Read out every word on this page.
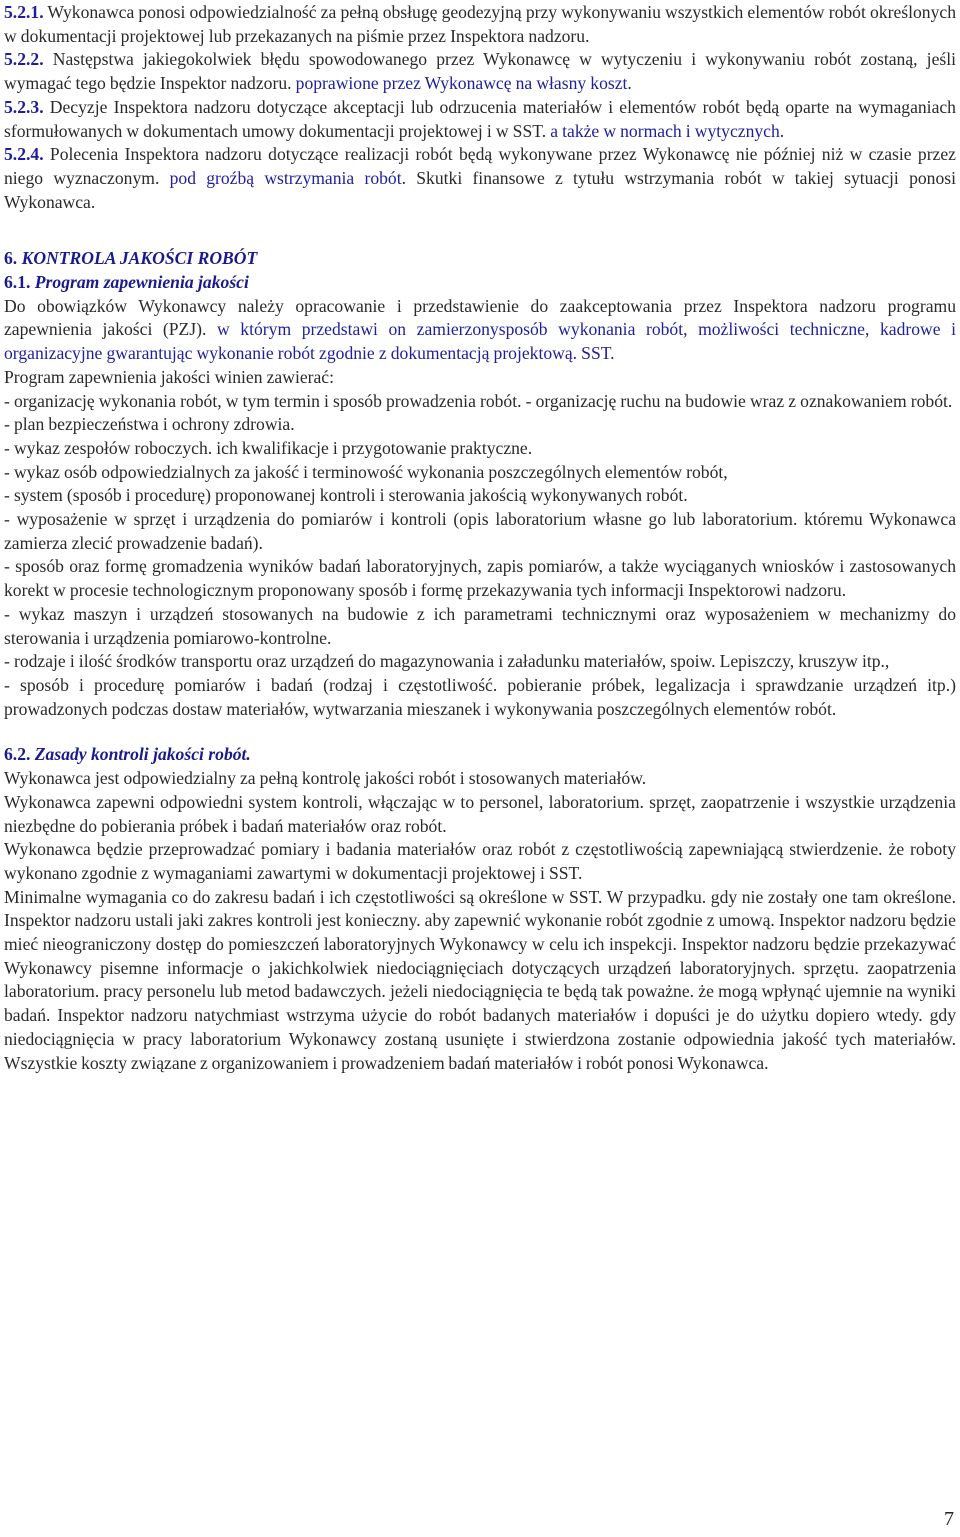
5.2.1. Wykonawca ponosi odpowiedzialność za pełną obsługę geodezyjną przy wykonywaniu wszystkich elementów robót określonych w dokumentacji projektowej lub przekazanych na piśmie przez Inspektora nadzoru.

5.2.2. Następstwa jakiegokolwiek błędu spowodowanego przez Wykonawcę w wytyczeniu i wykonywaniu robót zostaną, jeśli wymagać tego będzie Inspektor nadzoru. poprawione przez Wykonawcę na własny koszt.

5.2.3. Decyzje Inspektora nadzoru dotyczące akceptacji lub odrzucenia materiałów i elementów robót będą oparte na wymaganiach sformułowanych w dokumentach umowy dokumentacji projektowej i w SST. a także w normach i wytycznych.

5.2.4. Polecenia Inspektora nadzoru dotyczące realizacji robót będą wykonywane przez Wykonawcę nie później niż w czasie przez niego wyznaczonym. pod groźbą wstrzymania robót. Skutki finansowe z tytułu wstrzymania robót w takiej sytuacji ponosi Wykonawca.

6. KONTROLA JAKOŚCI ROBÓT

6.1. Program zapewnienia jakości

Do obowiązków Wykonawcy należy opracowanie i przedstawienie do zaakceptowania przez Inspektora nadzoru programu zapewnienia jakości (PZJ). w którym przedstawi on zamierzonysposób wykonania robót, możliwości techniczne, kadrowe i organizacyjne gwarantując wykonanie robót zgodnie z dokumentacją projektową. SST.

Program zapewnienia jakości winien zawierać:

- organizację wykonania robót, w tym termin i sposób prowadzenia robót. - organizację ruchu na budowie wraz z oznakowaniem robót.

- plan bezpieczeństwa i ochrony zdrowia.

- wykaz zespołów roboczych. ich kwalifikacje i przygotowanie praktyczne.

- wykaz osób odpowiedzialnych za jakość i terminowość wykonania poszczególnych elementów robót,

- system (sposób i procedurę) proponowanej kontroli i sterowania jakością wykonywanych robót.

- wyposażenie w sprzęt i urządzenia do pomiarów i kontroli (opis laboratorium własne go lub laboratorium. któremu Wykonawca zamierza zlecić prowadzenie badań).

- sposób oraz formę gromadzenia wyników badań laboratoryjnych, zapis pomiarów, a także wyciąganych wniosków i zastosowanych korekt w procesie technologicznym proponowany sposób i formę przekazywania tych informacji Inspektorowi nadzoru.

- wykaz maszyn i urządzeń stosowanych na budowie z ich parametrami technicznymi oraz wyposażeniem w mechanizmy do sterowania i urządzenia pomiarowo-kontrolne.

- rodzaje i ilość środków transportu oraz urządzeń do magazynowania i załadunku materiałów, spoiw. Lepiszczy, kruszyw itp.,

- sposób i procedurę pomiarów i badań (rodzaj i częstotliwość. pobieranie próbek, legalizacja i sprawdzanie urządzeń itp.) prowadzonych podczas dostaw materiałów, wytwarzania mieszanek i wykonywania poszczególnych elementów robót.

6.2. Zasady kontroli jakości robót.

Wykonawca jest odpowiedzialny za pełną kontrolę jakości robót i stosowanych materiałów.

Wykonawca zapewni odpowiedni system kontroli, włączając w to personel, laboratorium. sprzęt, zaopatrzenie i wszystkie urządzenia niezbędne do pobierania próbek i badań materiałów oraz robót.

Wykonawca będzie przeprowadzać pomiary i badania materiałów oraz robót z częstotliwością zapewniającą stwierdzenie. że roboty wykonano zgodnie z wymaganiami zawartymi w dokumentacji projektowej i SST.

Minimalne wymagania co do zakresu badań i ich częstotliwości są określone w SST. W przypadku. gdy nie zostały one tam określone. Inspektor nadzoru ustali jaki zakres kontroli jest konieczny. aby zapewnić wykonanie robót zgodnie z umową. Inspektor nadzoru będzie mieć nieograniczony dostęp do pomieszczeń laboratoryjnych Wykonawcy w celu ich inspekcji. Inspektor nadzoru będzie przekazywać Wykonawcy pisemne informacje o jakichkolwiek niedociągnięciach dotyczących urządzeń laboratoryjnych. sprzętu. zaopatrzenia laboratorium. pracy personelu lub metod badawczych. jeżeli niedociągnięcia te będą tak poważne. że mogą wpłynąć ujemnie na wyniki badań. Inspektor nadzoru natychmiast wstrzyma użycie do robót badanych materiałów i dopuści je do użytku dopiero wtedy. gdy niedociągnięcia w pracy laboratorium Wykonawcy zostaną usunięte i stwierdzona zostanie odpowiednia jakość tych materiałów. Wszystkie koszty związane z organizowaniem i prowadzeniem badań materiałów i robót ponosi Wykonawca.

7
